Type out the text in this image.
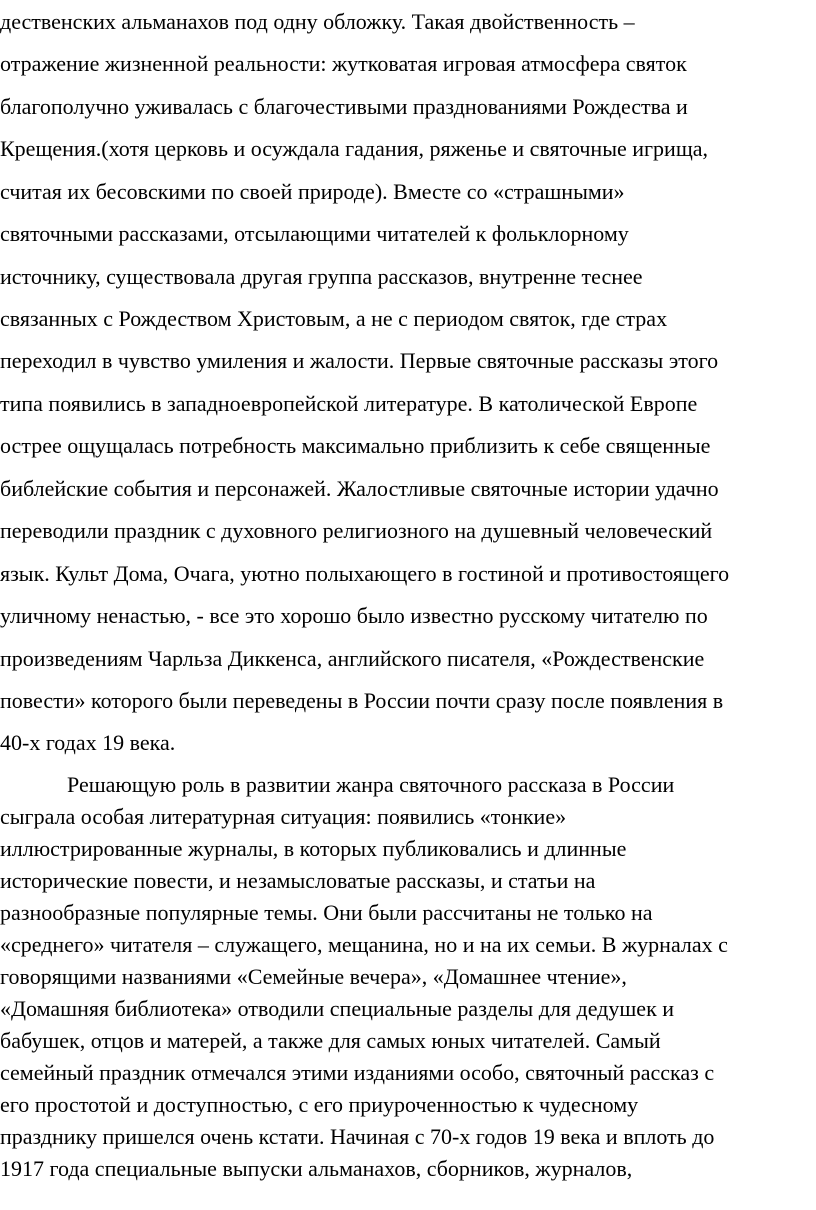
дественских альманахов под одну обложку. Такая двойственность –
отражение жизненной реальности: жутковатая игровая атмосфера святок
благополучно уживалась с благочестивыми празднованиями Рождества и
Крещения.(хотя церковь и осуждала гадания, ряженье и святочные игрища,
считая их бесовскими по своей природе). Вместе со «страшными»
святочными рассказами, отсылающими читателей к фольклорному
источнику, существовала другая группа рассказов, внутренне теснее
связанных с Рождеством Христовым, а не с периодом святок, где страх
переходил в чувство умиления и жалости. Первые святочные рассказы этого
типа появились в западноевропейской литературе. В католической Европе
острее ощущалась потребность максимально приблизить к себе священные
библейские события и персонажей. Жалостливые святочные истории удачно
переводили праздник с духовного религиозного на душевный человеческий
язык. Культ Дома, Очага, уютно полыхающего в гостиной и противостоящего
уличному ненастью, - все это хорошо было известно русскому читателю по
произведениям Чарльза Диккенса, английского писателя, «Рождественские
повести» которого были переведены в России почти сразу после появления в
40-х годах 19 века.
Решающую роль в развитии жанра святочного рассказа в России
сыграла особая литературная ситуация: появились «тонкие»
иллюстрированные журналы, в которых публиковались и длинные
исторические повести, и незамысловатые рассказы, и статьи на
разнообразные популярные темы. Они были рассчитаны не только на
«среднего» читателя – служащего, мещанина, но и на их семьи. В журналах с
говорящими названиями «Семейные вечера», «Домашнее чтение»,
«Домашняя библиотека» отводили специальные разделы для дедушек и
бабушек, отцов и матерей, а также для самых юных читателей. Самый
семейный праздник отмечался этими изданиями особо, святочный рассказ с
его простотой и доступностью, с его приуроченностью к чудесному
празднику пришелся очень кстати. Начиная с 70-х годов 19 века и вплоть до
1917 года специальные выпуски альманахов, сборников, журналов,
